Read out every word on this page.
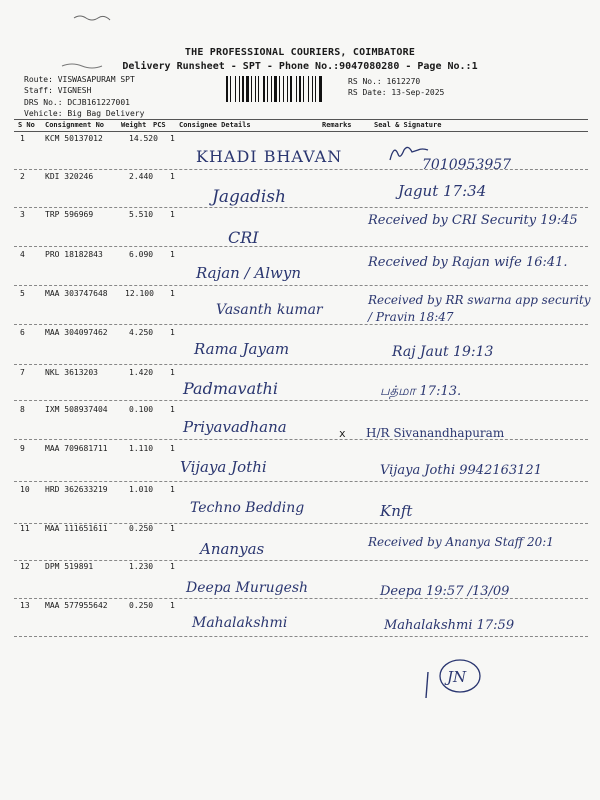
THE PROFESSIONAL COURIERS, COIMBATORE
Delivery Runsheet - SPT - Phone No.:9047080280 - Page No.:1
Route: VISWASAPURAM SPT
Staff: VIGNESH
DRS No.: DCJB161227001
Vehicle: Big Bag Delivery
RS No.: 1612270
RS Date: 13-Sep-2025
S No Consignment No Weight PCS Consignee Details	Remarks	Seal & Signature
1	KCM 50137012	14.520 1
KHADI BHAVAN	7010953957
2	KDI 320246	2.440 1
Jagadish	Jagut 17:34
3	TRP 596969	5.510 1
CRI
Received by CRI Security 19:45
4	PRO 18182843	6.090 1
Rajan / Alwyn
Received by Rajan wife 16:41.
5	MAA 303747648 12.100 1
Vasanth kumar
Received by RR swarna app security / Pravin 18:47
6	MAA 304097462	4.250 1
Rama Jayam	Raj Jaut 19:13
7	NKL 3613203	1.420 1
Padmavathi	பத்மா 17:13.
8	IXM 508937404	0.100 1
Priyavadhana	x H/R Sivanandhapuram
9	MAA 709681711	1.110 1
Vijaya Jothi	Vijaya Jothi 9942163121
10 HRD 362633219	1.010 1
Techno Bedding	Knft
11 MAA 111651611	0.250 1
Ananyas	Received by Ananya Staff 20:1
12 DPM 519891	1.230 1
Deepa Murugesh	Deepa 19:57 /13/09
13 MAA 577955642	0.250 1
Mahalakshmi	Mahalakshmi 17:59
JN
